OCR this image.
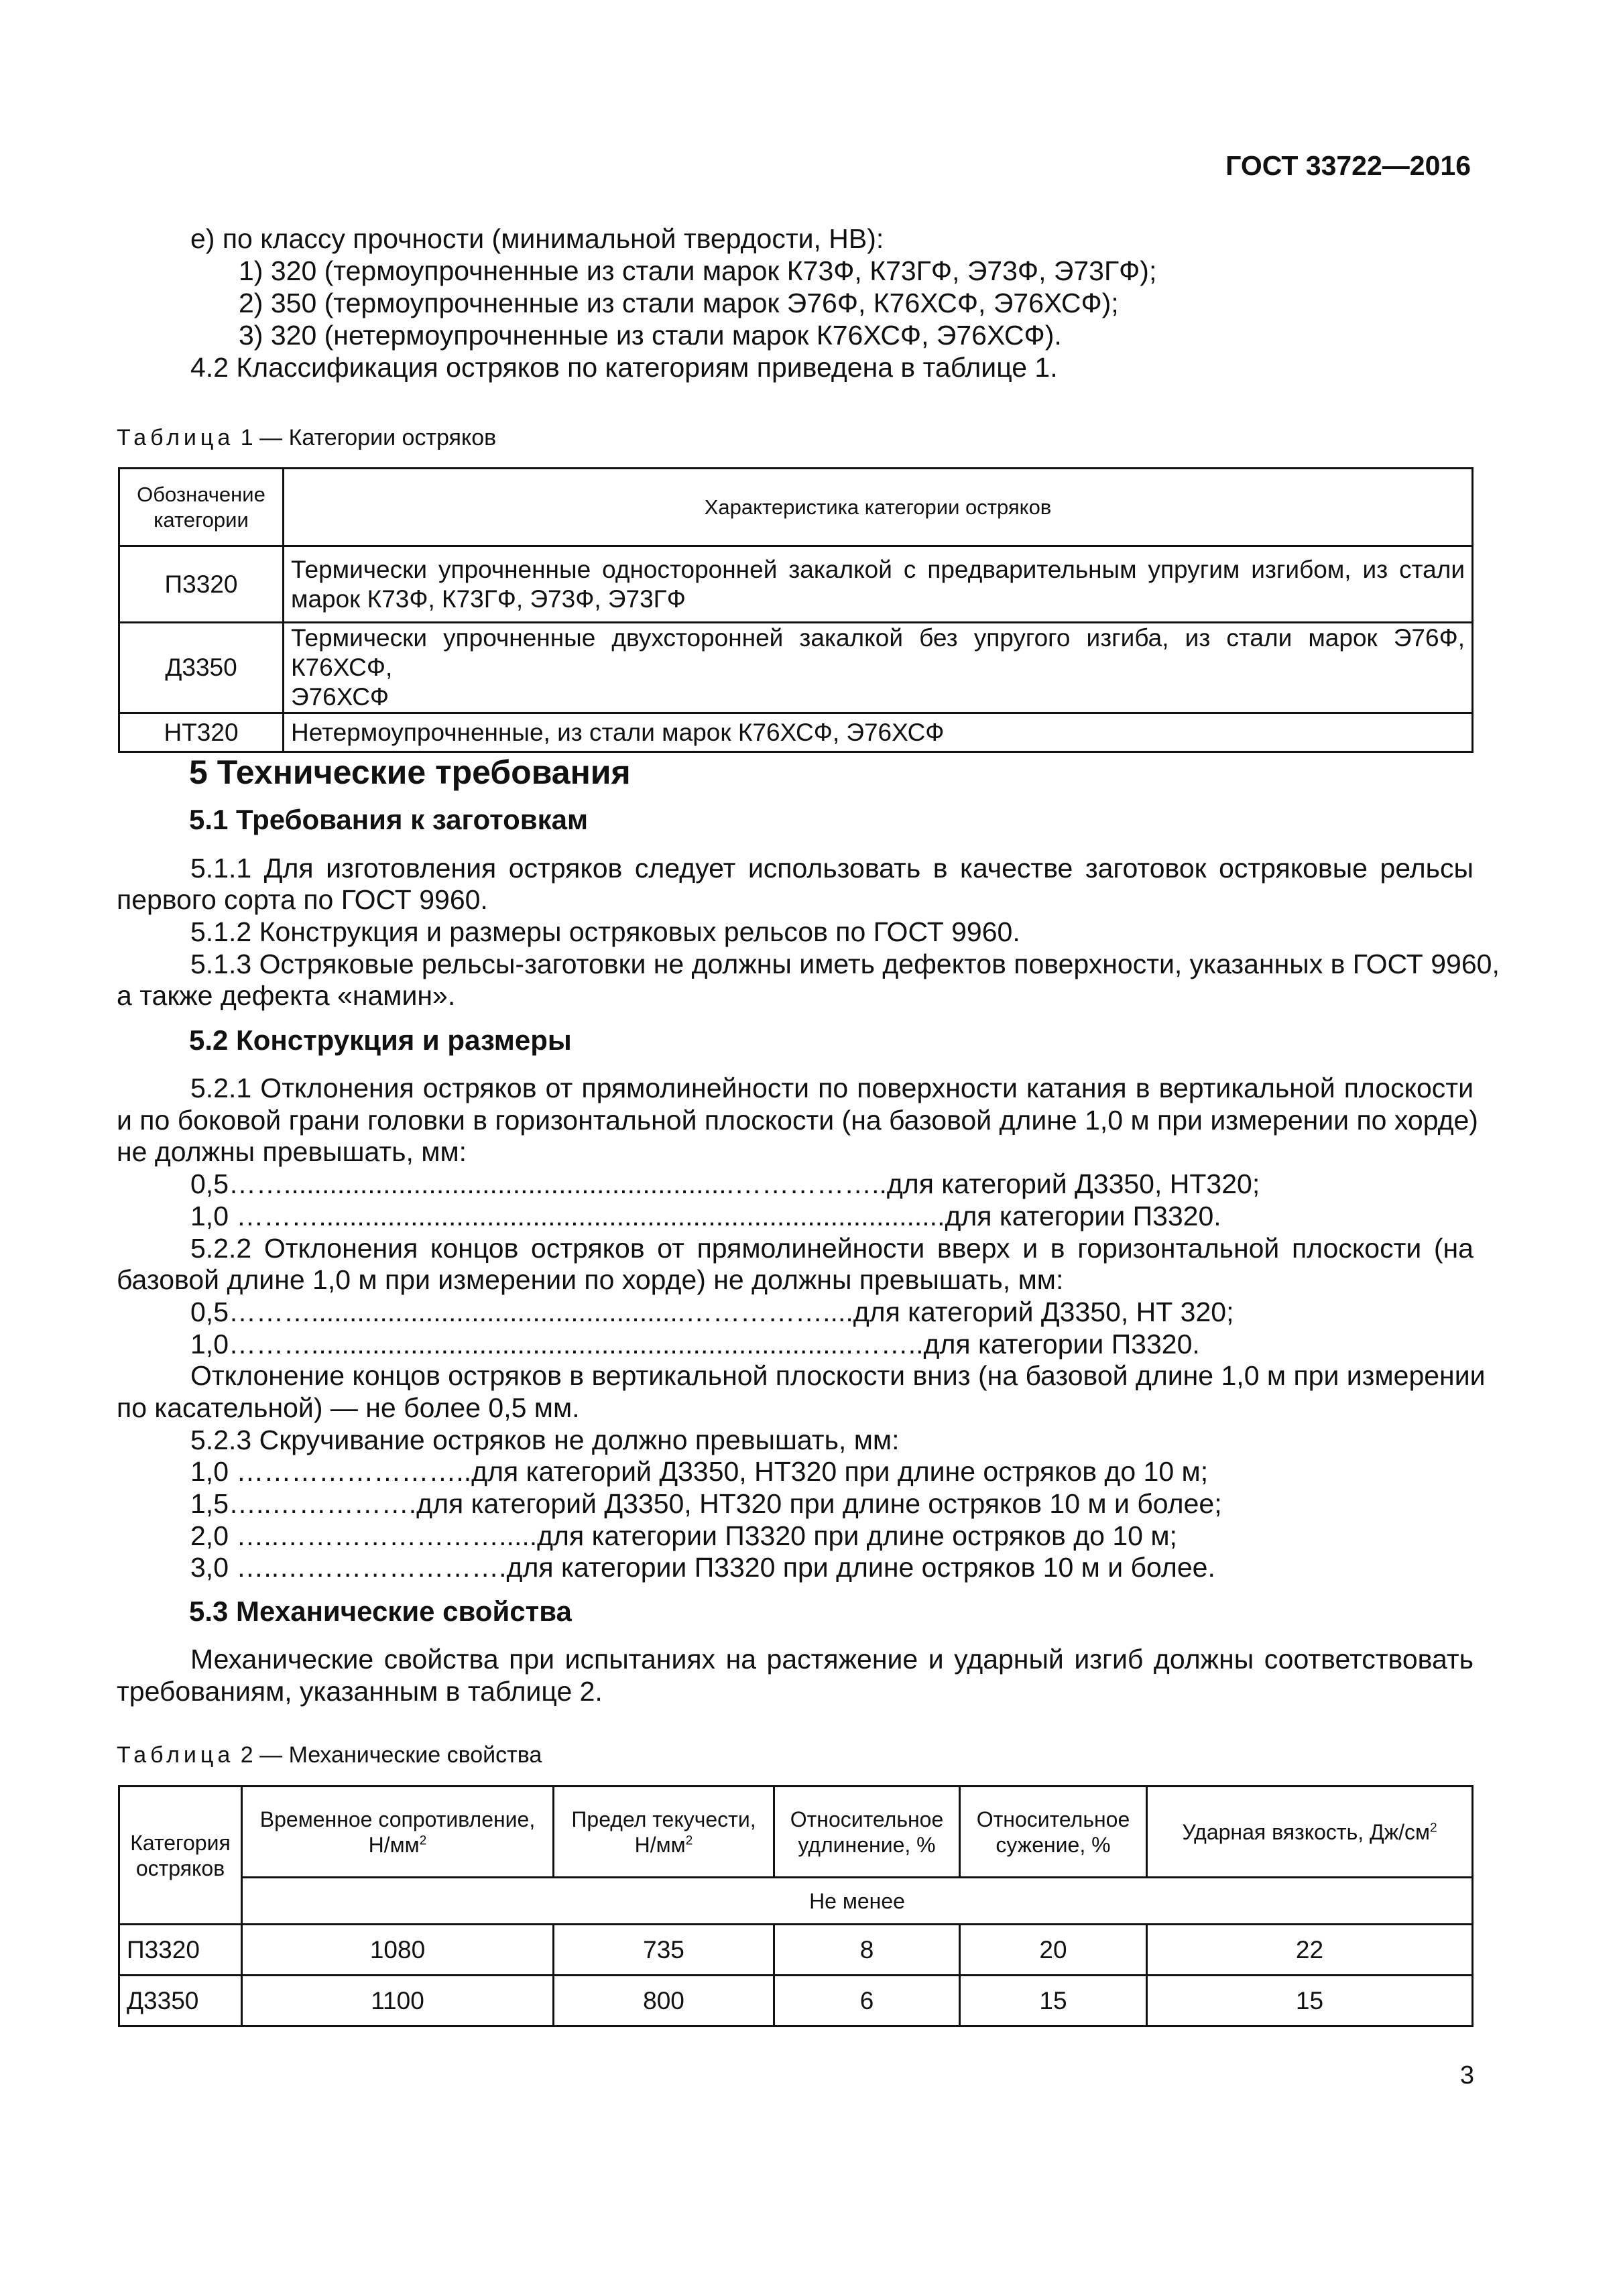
ГОСТ 33722—2016
е) по классу прочности (минимальной твердости, НВ):
1) 320 (термоупрочненные из стали марок К73Ф, К73ГФ, Э73Ф, Э73ГФ);
2) 350 (термоупрочненные из стали марок Э76Ф, К76ХСФ, Э76ХСФ);
3) 320 (нетермоупрочненные из стали марок К76ХСФ, Э76ХСФ).
4.2 Классификация остряков по категориям приведена в таблице 1.
Таблица 1 — Категории остряков
Обозначение категории	Характеристика категории остряков
П3320	Термически упрочненные односторонней закалкой с предварительным упругим изгибом, из стали
марок К73Ф, К73ГФ, Э73Ф, Э73ГФ

Д3350	Термически упрочненные двухсторонней закалкой без упругого изгиба, из стали марок Э76Ф, К76ХСФ,
Э76ХСФ

НТ320	Нетермоупрочненные, из стали марок К76ХСФ, Э76ХСФ
5 Технические требования
5.1 Требования к заготовкам
5.1.1 Для изготовления остряков следует использовать в качестве заготовок остряковые рельсы
первого сорта по ГОСТ 9960.
5.1.2 Конструкция и размеры остряковых рельсов по ГОСТ 9960.
5.1.3 Остряковые рельсы-заготовки не должны иметь дефектов поверхности, указанных в ГОСТ 9960,
а также дефекта «намин».
5.2 Конструкция и размеры
5.2.1 Отклонения остряков от прямолинейности по поверхности катания в вертикальной плоскости
и по боковой грани головки в горизонтальной плоскости (на базовой длине 1,0 м при измерении по хорде)
не должны превышать, мм:
0,5……...........................................................……………..для категорий Д3350, НТ320;
1,0 ………..................................................................................для категории П3320.
5.2.2 Отклонения концов остряков от прямолинейности вверх и в горизонтальной плоскости (на
базовой длине 1,0 м при измерении по хорде) не должны превышать, мм:
0,5……….................................................……………....для категорий Д3350, НТ 320;
1,0……….......................................................................……..для категории П3320.
Отклонение концов остряков в вертикальной плоскости вниз (на базовой длине 1,0 м при измерении
по касательной) — не более 0,5 мм.
5.2.3 Скручивание остряков не должно превышать, мм:
1,0 ……………………..для категорий Д3350, НТ320 при длине остряков до 10 м;
1,5…..…………….для категорий Д3350, НТ320 при длине остряков 10 м и более;
2,0 …..…………………….....для категории П3320 при длине остряков до 10 м;
3,0 …..…………………….для категории П3320 при длине остряков 10 м и более.
5.3 Механические свойства
Механические свойства при испытаниях на растяжение и ударный изгиб должны соответствовать
требованиям, указанным в таблице 2.
Таблица 2 — Механические свойства
Категория остряков	Временное сопротивление, $Н/мм^2$	Предел текучести, $Н/мм^2$	Относительное удлинение, %	Относительное сужение, %	Ударная вязкость, $Дж/см^2$
	Не менее				
П3320	1080	735	8	20	22
Д3350	1100	800	6	15	15
3
